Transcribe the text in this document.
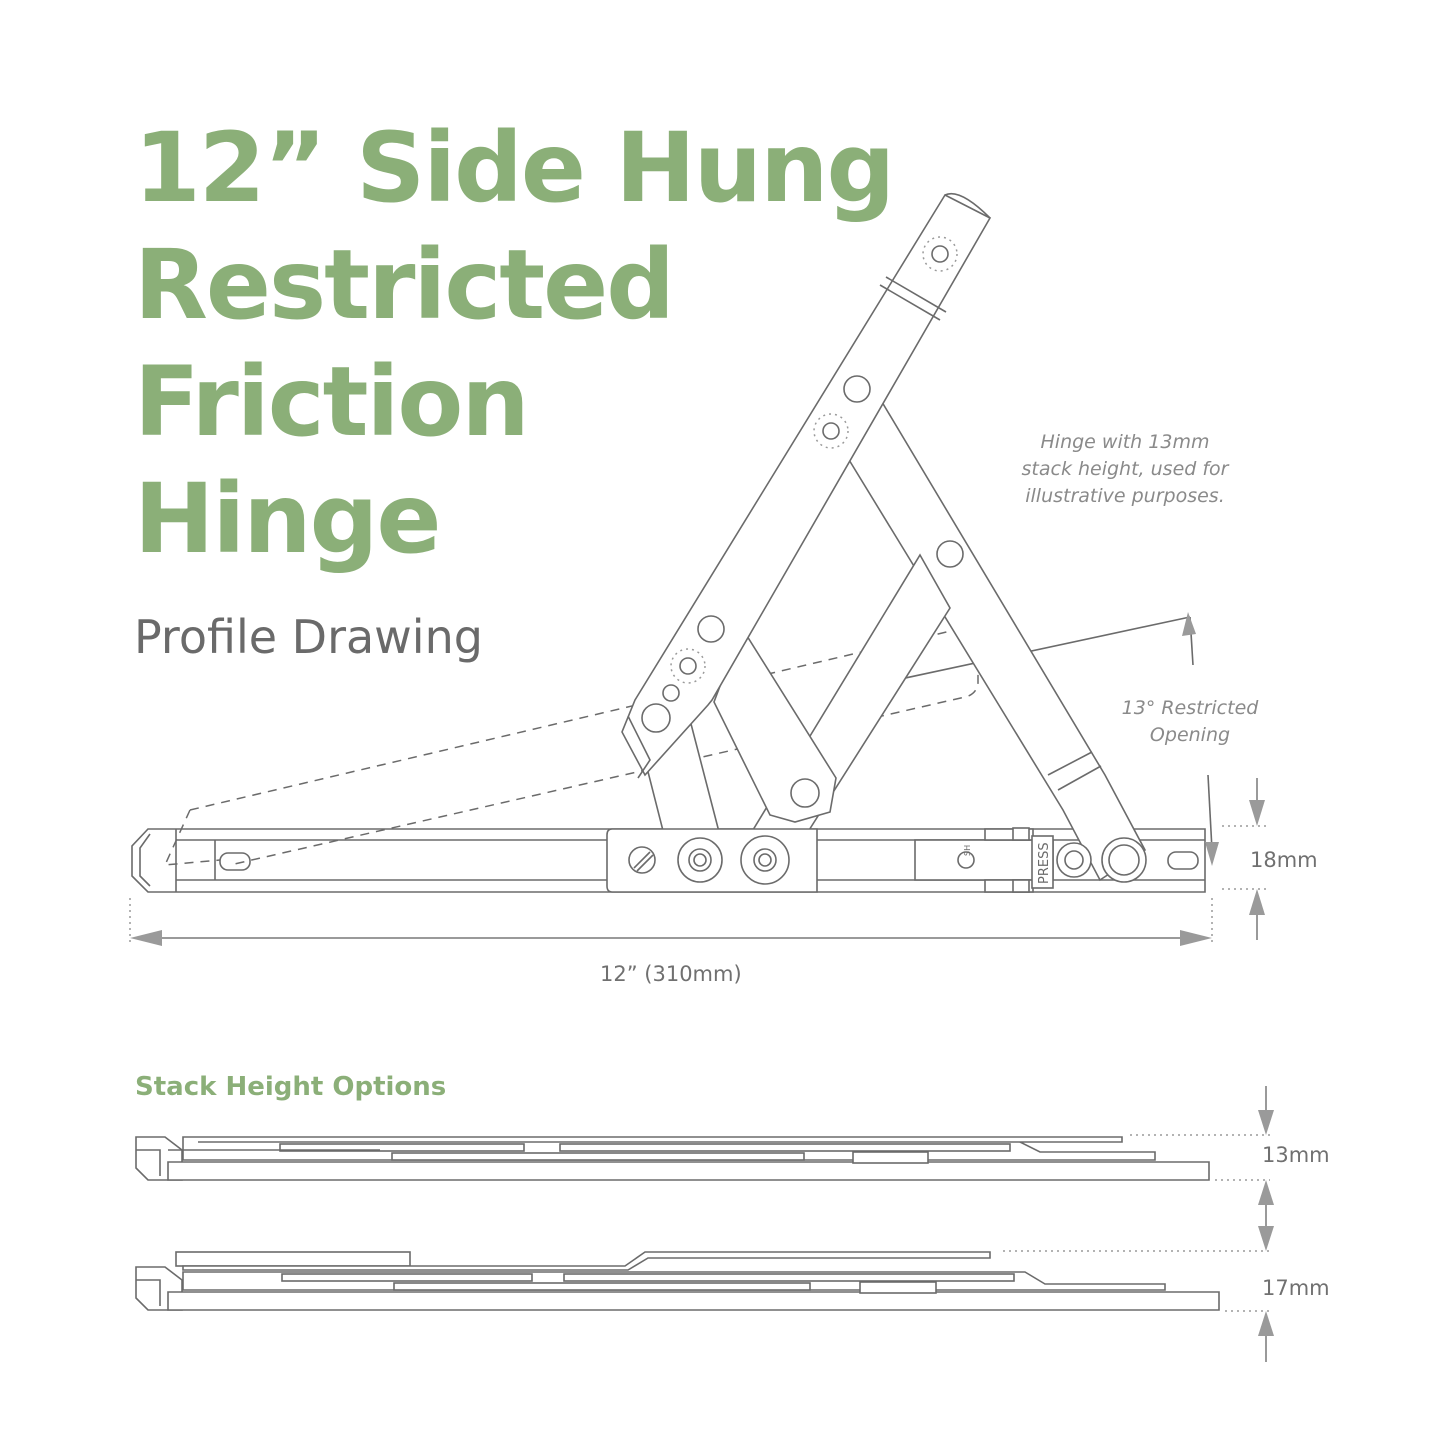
12” Side Hung
Restricted
Friction
Hinge
Profile Drawing
Hinge with 13mm
stack height, used for
illustrative purposes.
13° Restricted
Opening
18mm
12” (310mm)
Stack Height Options
13mm
17mm
PRESS
SH
